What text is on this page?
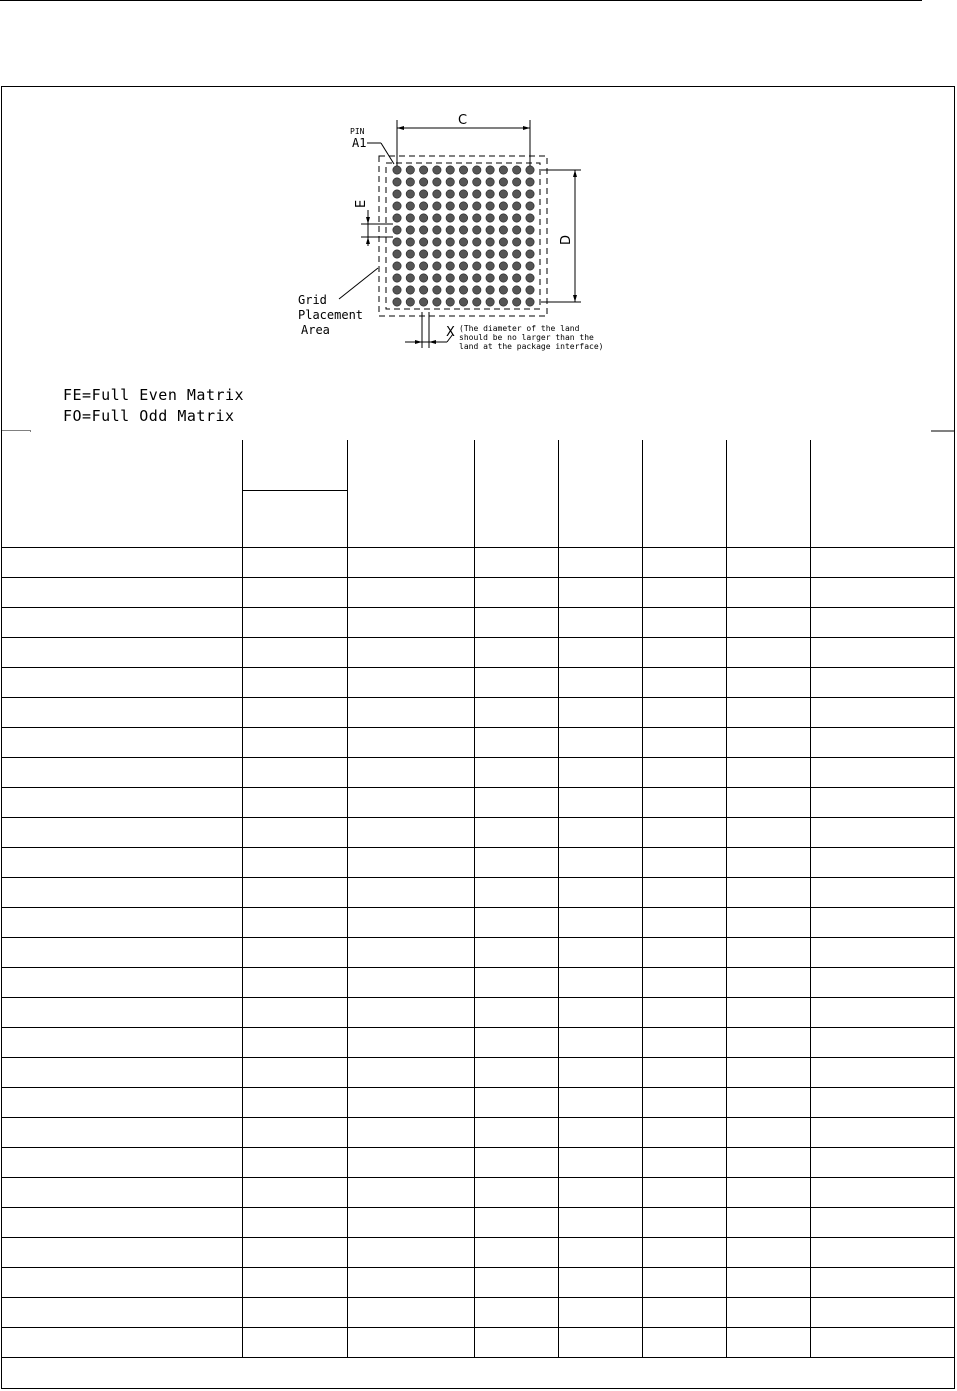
C
D
E
X (The diameter of the land
should be no larger than the
land at the package interface)
PIN
A1
Grid
Placement
Area
FE=Full Even Matrix
FO=Full Odd Matrix
